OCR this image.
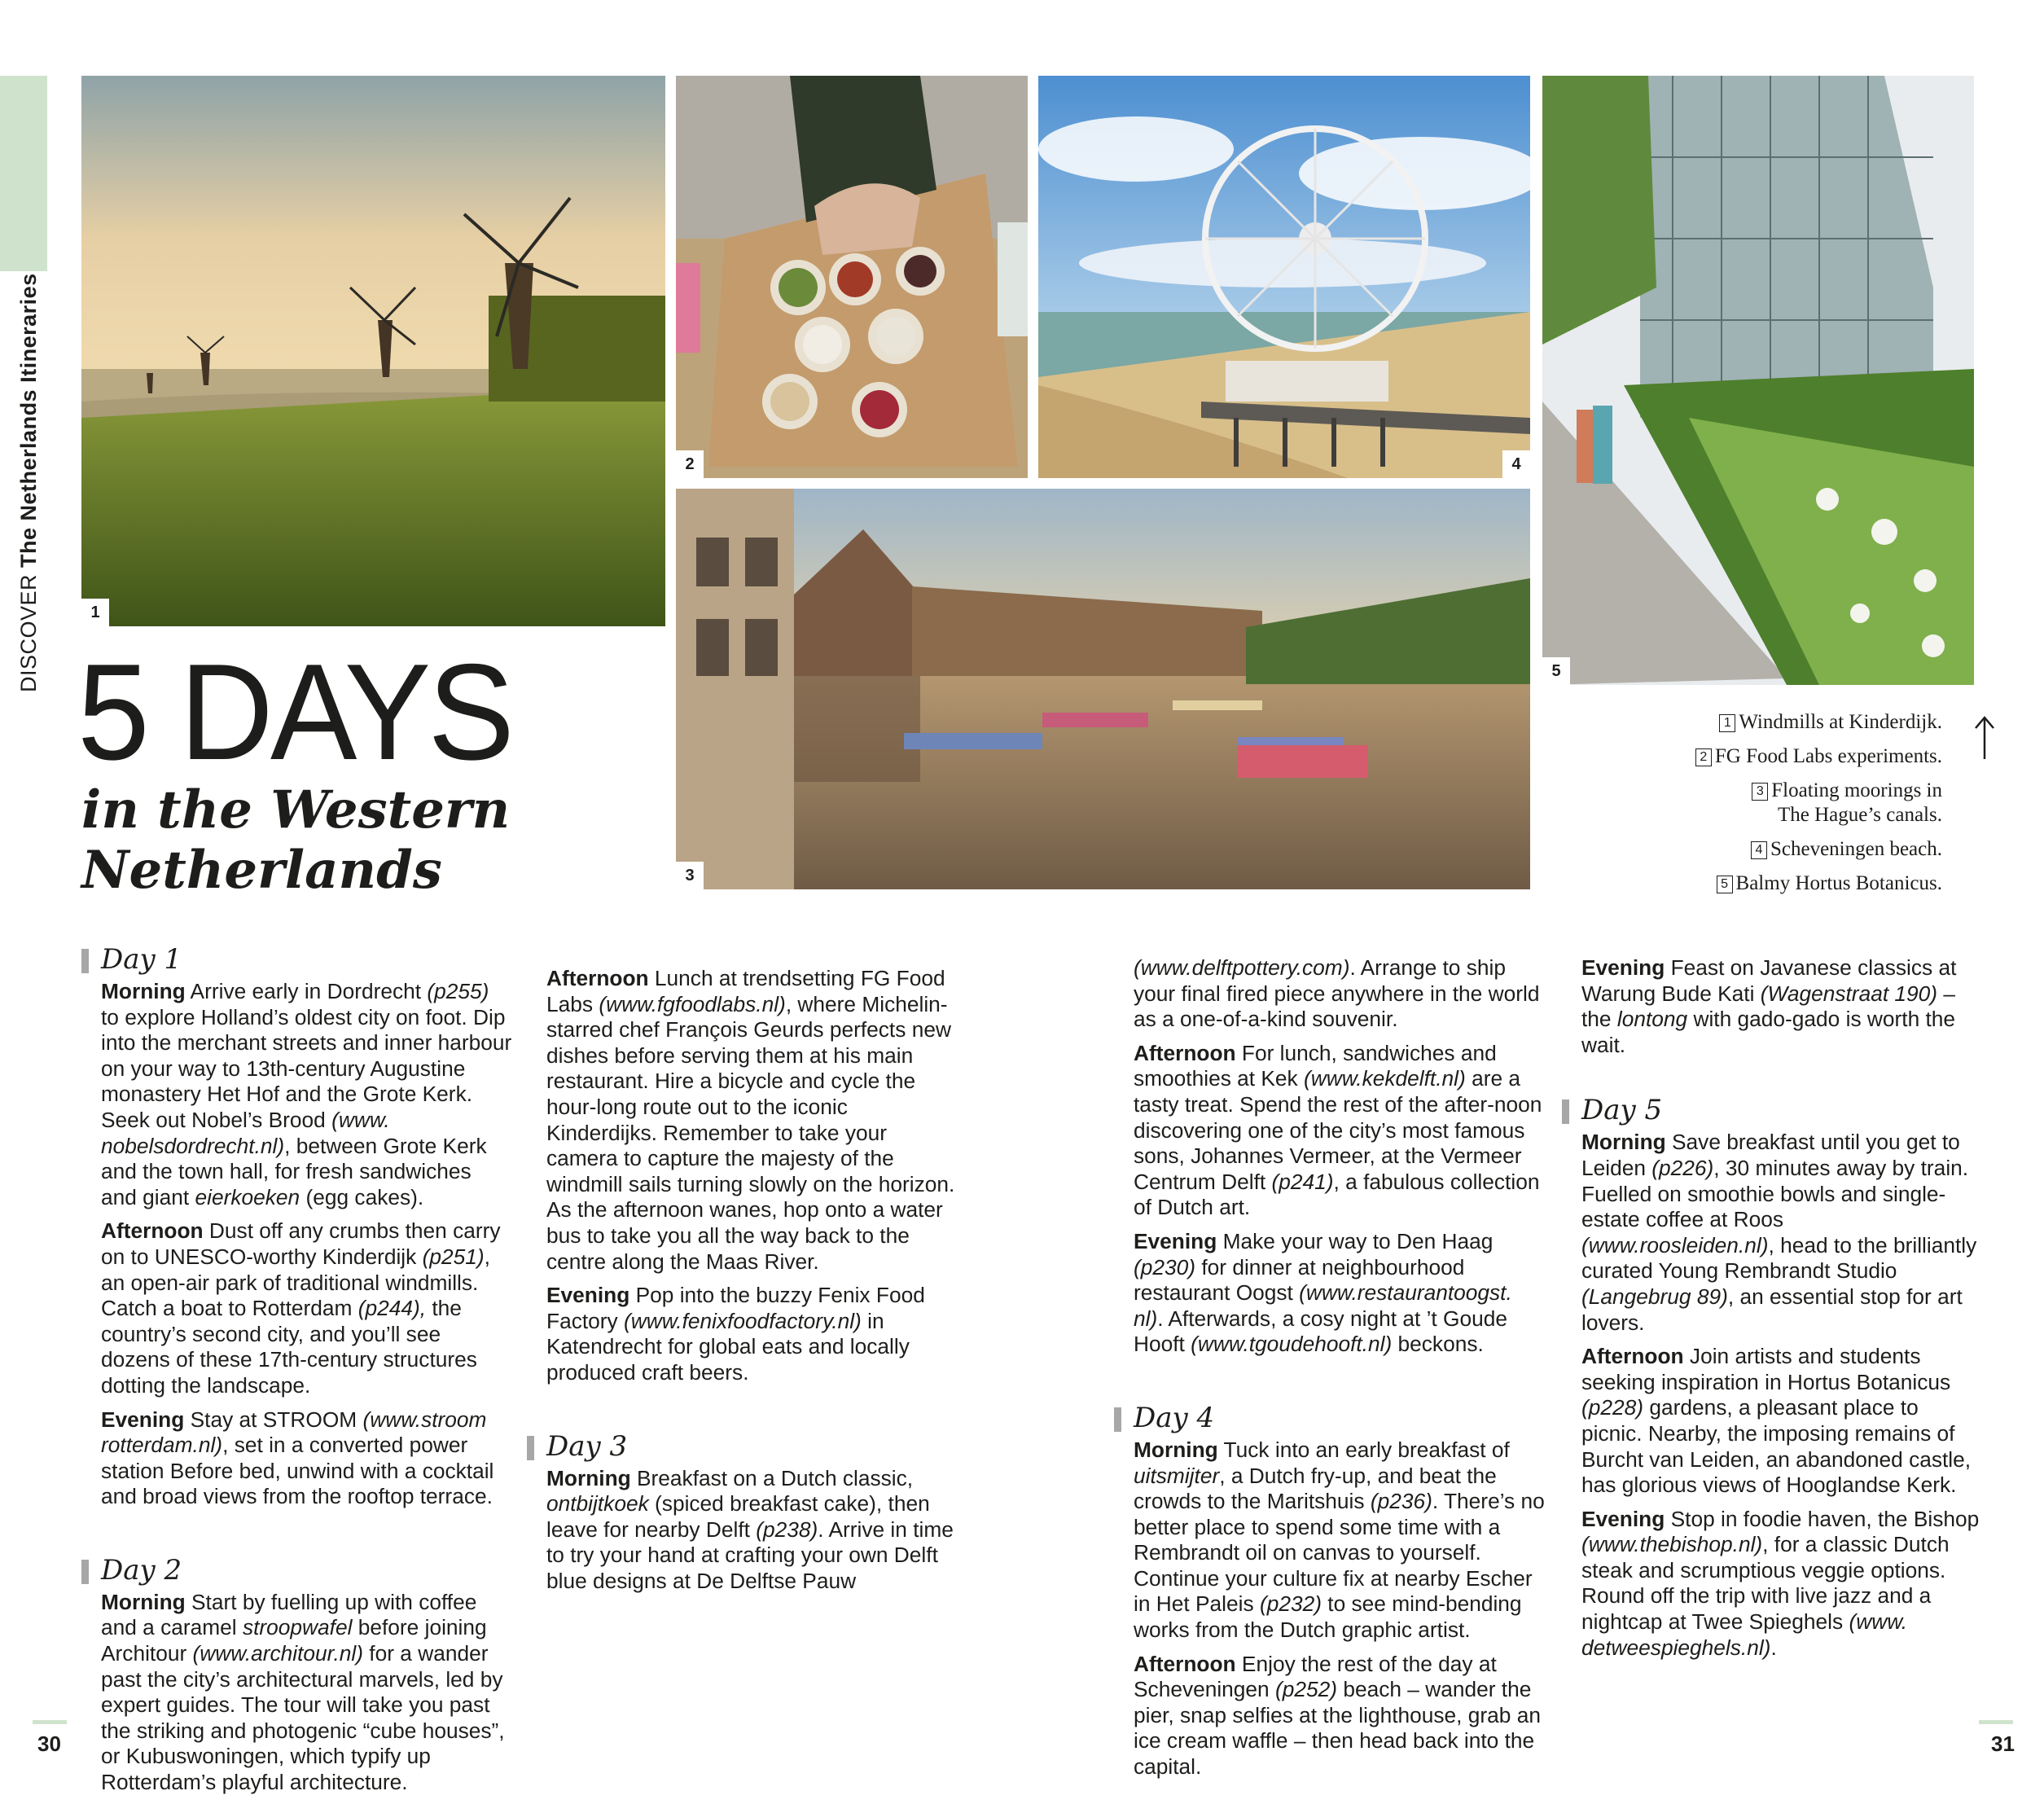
DISCOVERThe Netherlands Itineraries
1
2	4
5
3
5 DAYS
in the Western Netherlands
1 Windmills at Kinderdijk.
2 FG Food Labs experiments.
3 Floating moorings in The Hague’s canals.
4 Scheveningen beach.
5 Balmy Hortus Botanicus.
Day 1

Morning Arrive early in Dordrecht (p255) to explore Holland’s oldest city on foot. Dip into the merchant streets and inner harbour on your way to 13th-century Augustine monastery Het Hof and the Grote Kerk. Seek out Nobel’s Brood (www. nobelsdordrecht.nl), between Grote Kerk and the town hall, for fresh sandwiches and giant eierkoeken (egg cakes).

Afternoon Dust off any crumbs then carry on to UNESCO-worthy Kinderdijk (p251), an open-air park of traditional windmills. Catch a boat to Rotterdam (p244), the country’s second city, and you’ll see dozens of these 17th-century structures dotting the landscape.

Evening Stay at STROOM (www.stroom rotterdam.nl), set in a converted power station Before bed, unwind with a cocktail and broad views from the rooftop terrace.

Day 2

Morning Start by fuelling up with coffee and a caramel stroopwafel before joining Architour (www.architour.nl) for a wander past the city’s architectural marvels, led by expert guides. The tour will take you past the striking and photogenic “cube houses”, or Kubuswoningen, which typify up Rotterdam’s playful architecture.

Afternoon Lunch at trendsetting FG Food Labs (www.fgfoodlabs.nl), where Michelin-starred chef François Geurds perfects new dishes before serving them at his main restaurant. Hire a bicycle and cycle the hour-long route out to the iconic Kinderdijks. Remember to take your camera to capture the majesty of the windmill sails turning slowly on the horizon. As the afternoon wanes, hop onto a water bus to take you all the way back to the centre along the Maas River.

Evening Pop into the buzzy Fenix Food Factory (www.fenixfoodfactory.nl) in Katendrecht for global eats and locally produced craft beers.

Day 3

Morning Breakfast on a Dutch classic, ontbijtkoek (spiced breakfast cake), then leave for nearby Delft (p238). Arrive in time to try your hand at crafting your own Delft blue designs at De Delftse Pauw

(www.delftpottery.com). Arrange to ship your final fired piece anywhere in the world as a one-of-a-kind souvenir.

Afternoon For lunch, sandwiches and smoothies at Kek (www.kekdelft.nl) are a tasty treat. Spend the rest of the after-noon discovering one of the city’s most famous sons, Johannes Vermeer, at the Vermeer Centrum Delft (p241), a fabulous collection of Dutch art.

Evening Make your way to Den Haag (p230) for dinner at neighbourhood restaurant Oogst (www.restaurantoogst. nl). Afterwards, a cosy night at ’t Goude Hooft (www.tgoudehooft.nl) beckons.

Day 4

Morning Tuck into an early breakfast of uitsmijter, a Dutch fry-up, and beat the crowds to the Maritshuis (p236). There’s no better place to spend some time with a Rembrandt oil on canvas to yourself. Continue your culture fix at nearby Escher in Het Paleis (p232) to see mind-bending works from the Dutch graphic artist.

Afternoon Enjoy the rest of the day at Scheveningen (p252) beach – wander the pier, snap selfies at the lighthouse, grab an ice cream waffle – then head back into the capital.

Evening Feast on Javanese classics at Warung Bude Kati (Wagenstraat 190) – the lontong with gado-gado is worth the wait.

Day 5

Morning Save breakfast until you get to Leiden (p226), 30 minutes away by train. Fuelled on smoothie bowls and single-estate coffee at Roos (www.roosleiden.nl), head to the brilliantly curated Young Rembrandt Studio (Langebrug 89), an essential stop for art lovers.

Afternoon Join artists and students seeking inspiration in Hortus Botanicus (p228) gardens, a pleasant place to picnic. Nearby, the imposing remains of Burcht van Leiden, an abandoned castle, has glorious views of Hooglandse Kerk.

Evening Stop in foodie haven, the Bishop (www.thebishop.nl), for a classic Dutch steak and scrumptious veggie options. Round off the trip with live jazz and a nightcap at Twee Spieghels (www. detweespieghels.nl).

30	31
